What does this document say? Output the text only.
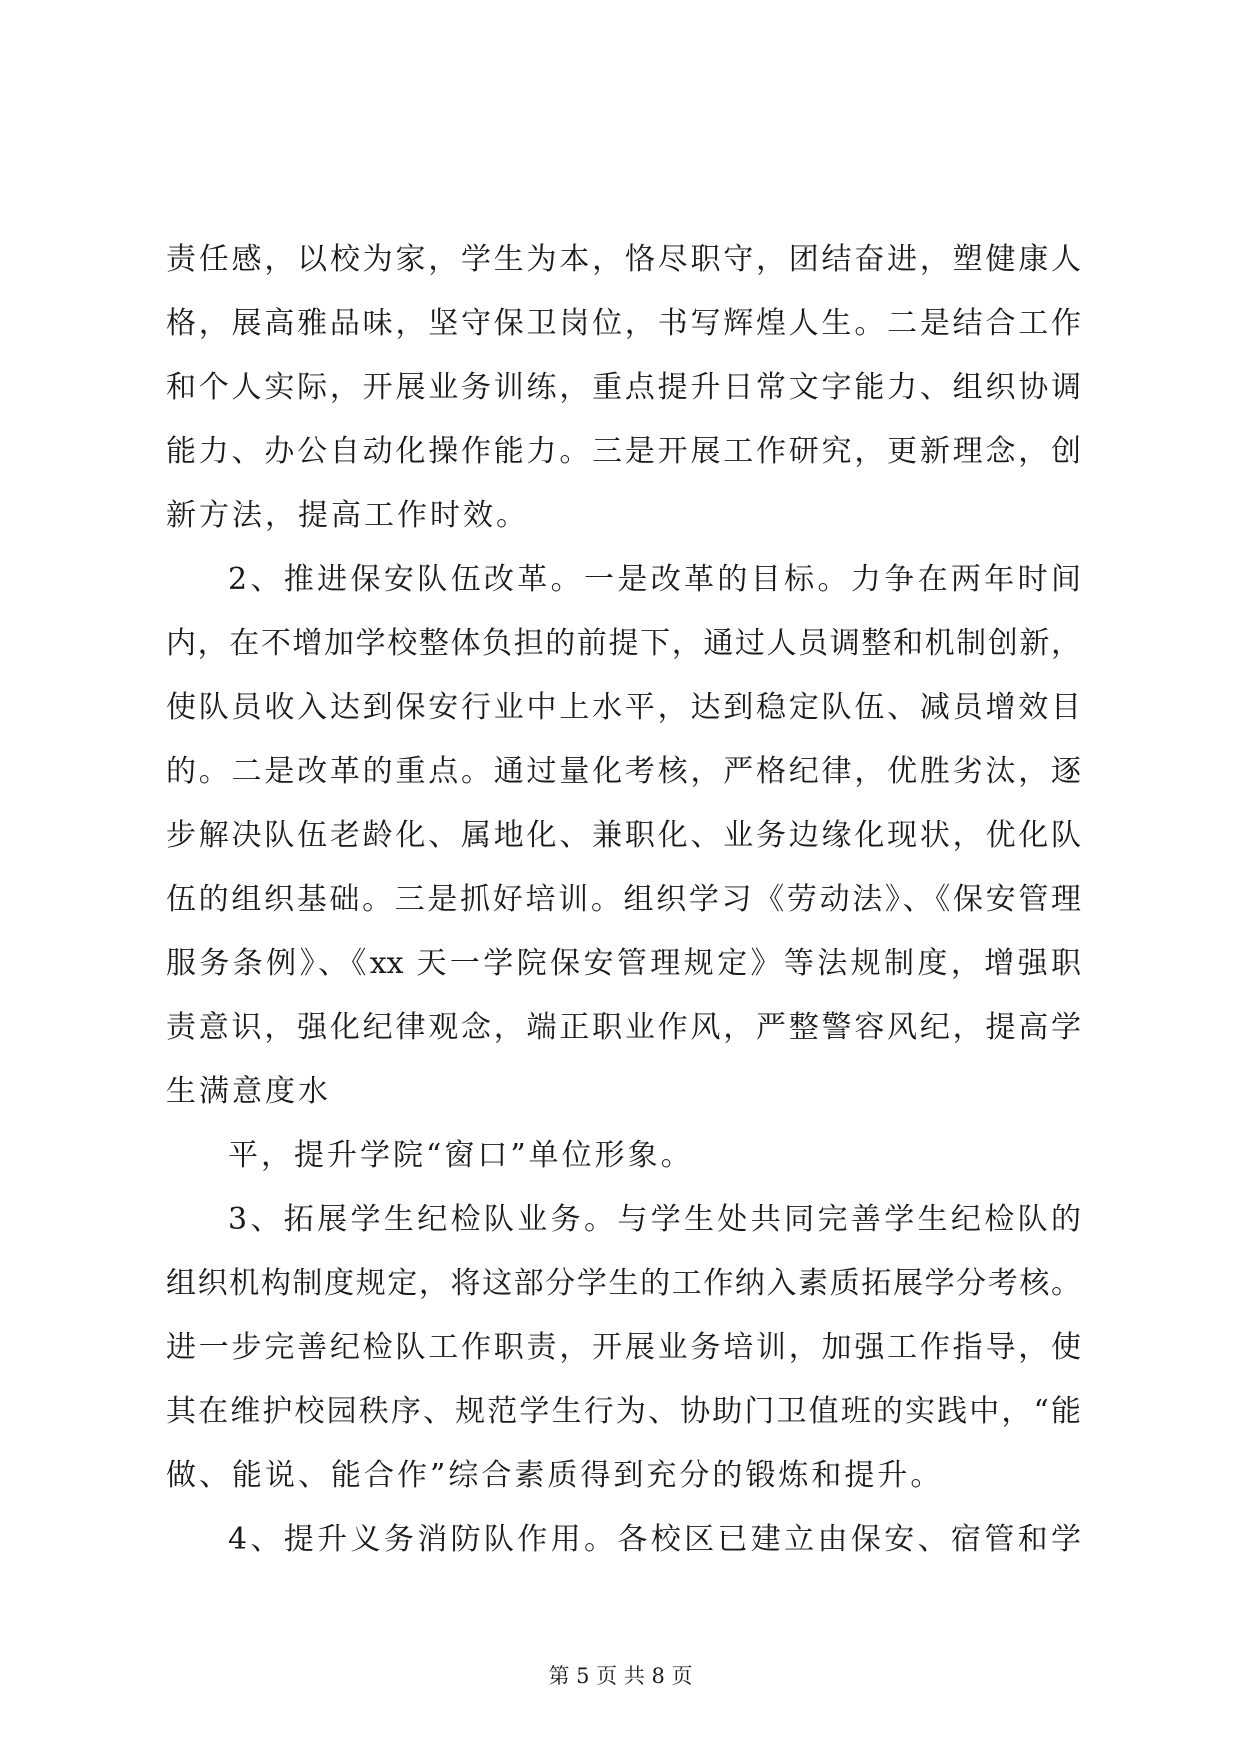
责任感，以校为家，学生为本，恪尽职守，团结奋进，塑健康人
格，展高雅品味，坚守保卫岗位，书写辉煌人生。二是结合工作
和个人实际，开展业务训练，重点提升日常文字能力、组织协调
能力、办公自动化操作能力。三是开展工作研究，更新理念，创
新方法，提高工作时效。
2、推进保安队伍改革。一是改革的目标。力争在两年时间
内，在不增加学校整体负担的前提下，通过人员调整和机制创新，
使队员收入达到保安行业中上水平，达到稳定队伍、减员增效目
的。二是改革的重点。通过量化考核，严格纪律，优胜劣汰，逐
步解决队伍老龄化、属地化、兼职化、业务边缘化现状，优化队
伍的组织基础。三是抓好培训。组织学习《劳动法》、《保安管理
服务条例》、《xx 天一学院保安管理规定》等法规制度，增强职
责意识，强化纪律观念，端正职业作风，严整警容风纪，提高学
生满意度水
平，提升学院“窗口”单位形象。
3、拓展学生纪检队业务。与学生处共同完善学生纪检队的
组织机构制度规定，将这部分学生的工作纳入素质拓展学分考核。
进一步完善纪检队工作职责，开展业务培训，加强工作指导，使
其在维护校园秩序、规范学生行为、协助门卫值班的实践中，“能
做、能说、能合作”综合素质得到充分的锻炼和提升。
4、提升义务消防队作用。各校区已建立由保安、宿管和学
第 5 页 共 8 页
